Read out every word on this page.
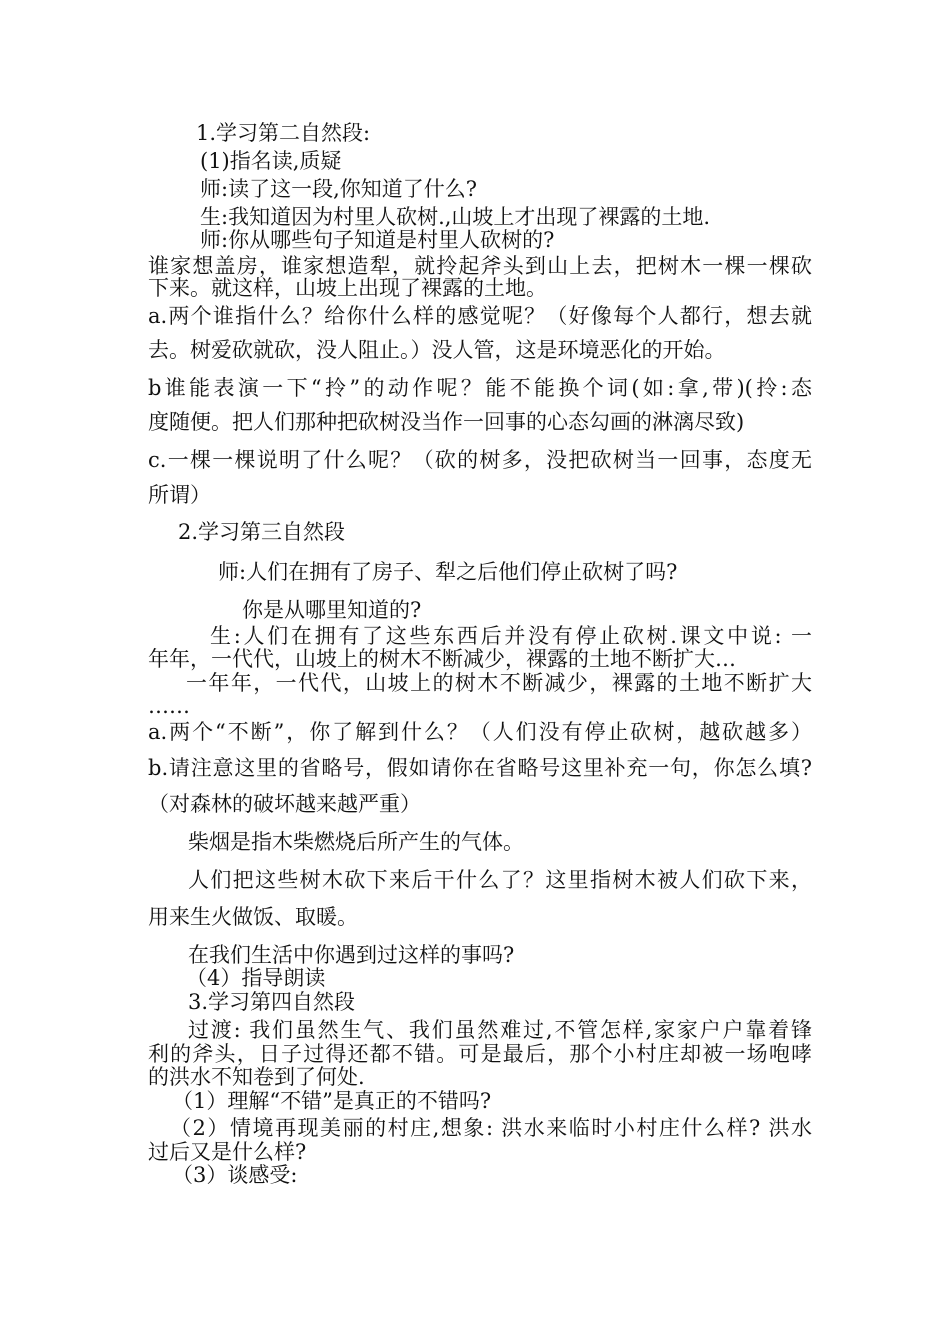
1.学习第二自然段:
(1)指名读,质疑
师:读了这一段,你知道了什么?
生:我知道因为村里人砍树.,山坡上才出现了裸露的土地.
师:你从哪些句子知道是村里人砍树的?
谁家想盖房，谁家想造犁，就拎起斧头到山上去，把树木一棵一棵砍
下来。就这样，山坡上出现了裸露的土地。
a.两个谁指什么？给你什么样的感觉呢？（好像每个人都行，想去就
去。树爱砍就砍，没人阻止。）没人管，这是环境恶化的开始。
b谁能表演一下“拎”的动作呢？能不能换个词(如:拿,带)(拎:态
度随便。把人们那种把砍树没当作一回事的心态勾画的淋漓尽致)
c.一棵一棵说明了什么呢？（砍的树多，没把砍树当一回事，态度无
所谓）
2.学习第三自然段
师:人们在拥有了房子、犁之后他们停止砍树了吗?
你是从哪里知道的?
生:人们在拥有了这些东西后并没有停止砍树.课文中说: 一
年年，一代代，山坡上的树木不断减少，裸露的土地不断扩大…
一年年，一代代，山坡上的树木不断减少，裸露的土地不断扩大
……
a.两个“不断”，你了解到什么？（人们没有停止砍树，越砍越多）
b.请注意这里的省略号，假如请你在省略号这里补充一句，你怎么填?
（对森林的破坏越来越严重）
柴烟是指木柴燃烧后所产生的气体。
人们把这些树木砍下来后干什么了？这里指树木被人们砍下来，
用来生火做饭、取暖。
在我们生活中你遇到过这样的事吗?
（4）指导朗读
3.学习第四自然段
过渡: 我们虽然生气、我们虽然难过,不管怎样,家家户户靠着锋
利的斧头，日子过得还都不错。可是最后，那个小村庄却被一场咆哮
的洪水不知卷到了何处.
（1）理解“不错”是真正的不错吗?
（2）情境再现美丽的村庄,想象: 洪水来临时小村庄什么样? 洪水
过后又是什么样?
（3）谈感受:
